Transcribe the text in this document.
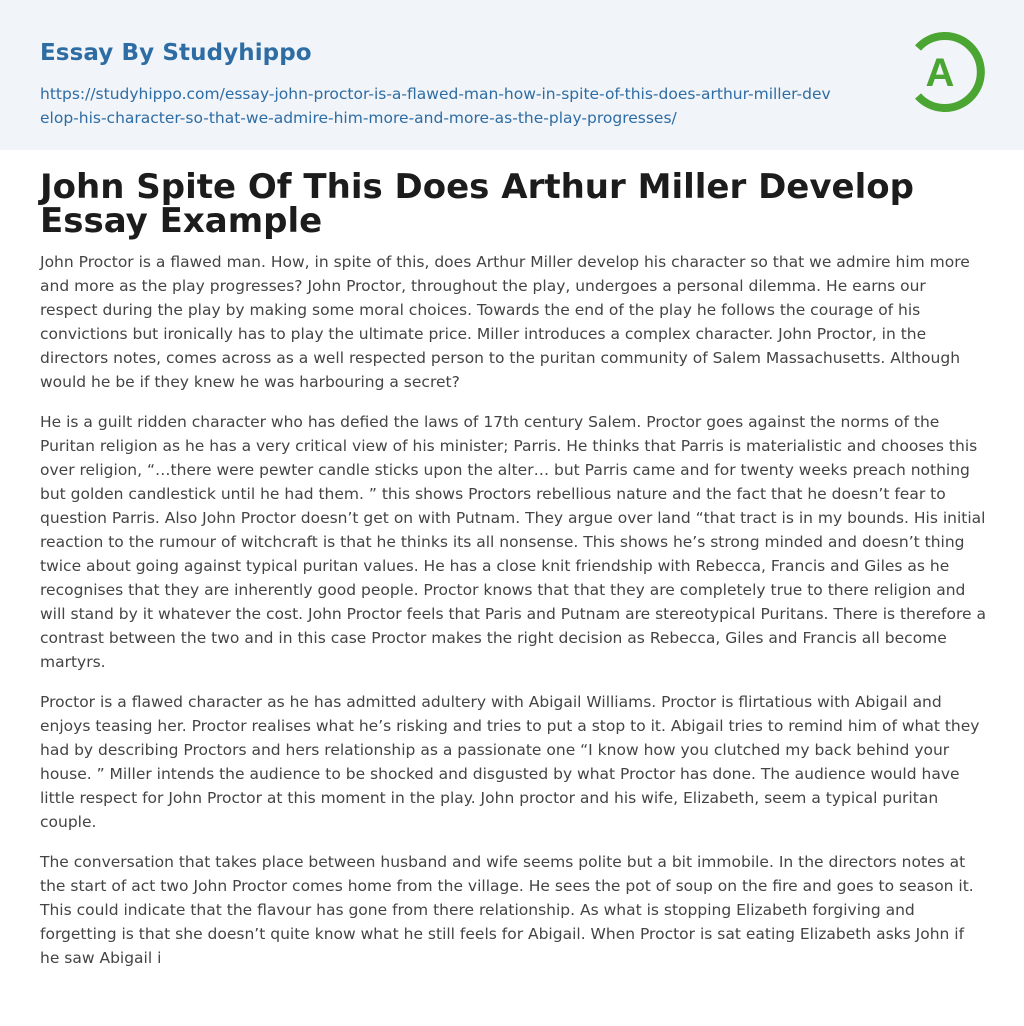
Essay By Studyhippo
https://studyhippo.com/essay-john-proctor-is-a-flawed-man-how-in-spite-of-this-does-arthur-miller-develop-his-character-so-that-we-admire-him-more-and-more-as-the-play-progresses/
A
John Spite Of This Does Arthur Miller Develop Essay Example

John Proctor is a flawed man. How, in spite of this, does Arthur Miller develop his character so that we admire him more and more as the play progresses? John Proctor, throughout the play, undergoes a personal dilemma. He earns our respect during the play by making some moral choices. Towards the end of the play he follows the courage of his convictions but ironically has to play the ultimate price. Miller introduces a complex character. John Proctor, in the directors notes, comes across as a well respected person to the puritan community of Salem Massachusetts. Although would he be if they knew he was harbouring a secret?

He is a guilt ridden character who has defied the laws of 17th century Salem. Proctor goes against the norms of the Puritan religion as he has a very critical view of his minister; Parris. He thinks that Parris is materialistic and chooses this over religion, “…there were pewter candle sticks upon the alter… but Parris came and for twenty weeks preach nothing but golden candlestick until he had them. ” this shows Proctors rebellious nature and the fact that he doesn’t fear to question Parris. Also John Proctor doesn’t get on with Putnam. They argue over land “that tract is in my bounds. His initial reaction to the rumour of witchcraft is that he thinks its all nonsense. This shows he’s strong minded and doesn’t thing twice about going against typical puritan values. He has a close knit friendship with Rebecca, Francis and Giles as he recognises that they are inherently good people. Proctor knows that that they are completely true to there religion and will stand by it whatever the cost. John Proctor feels that Paris and Putnam are stereotypical Puritans. There is therefore a contrast between the two and in this case Proctor makes the right decision as Rebecca, Giles and Francis all become martyrs.

Proctor is a flawed character as he has admitted adultery with Abigail Williams. Proctor is flirtatious with Abigail and enjoys teasing her. Proctor realises what he’s risking and tries to put a stop to it. Abigail tries to remind him of what they had by describing Proctors and hers relationship as a passionate one “I know how you clutched my back behind your house. ” Miller intends the audience to be shocked and disgusted by what Proctor has done. The audience would have little respect for John Proctor at this moment in the play. John proctor and his wife, Elizabeth, seem a typical puritan couple.

The conversation that takes place between husband and wife seems polite but a bit immobile. In the directors notes at the start of act two John Proctor comes home from the village. He sees the pot of soup on the fire and goes to season it. This could indicate that the flavour has gone from there relationship. As what is stopping Elizabeth forgiving and forgetting is that she doesn’t quite know what he still feels for Abigail. When Proctor is sat eating Elizabeth asks John if he saw Abigail i
